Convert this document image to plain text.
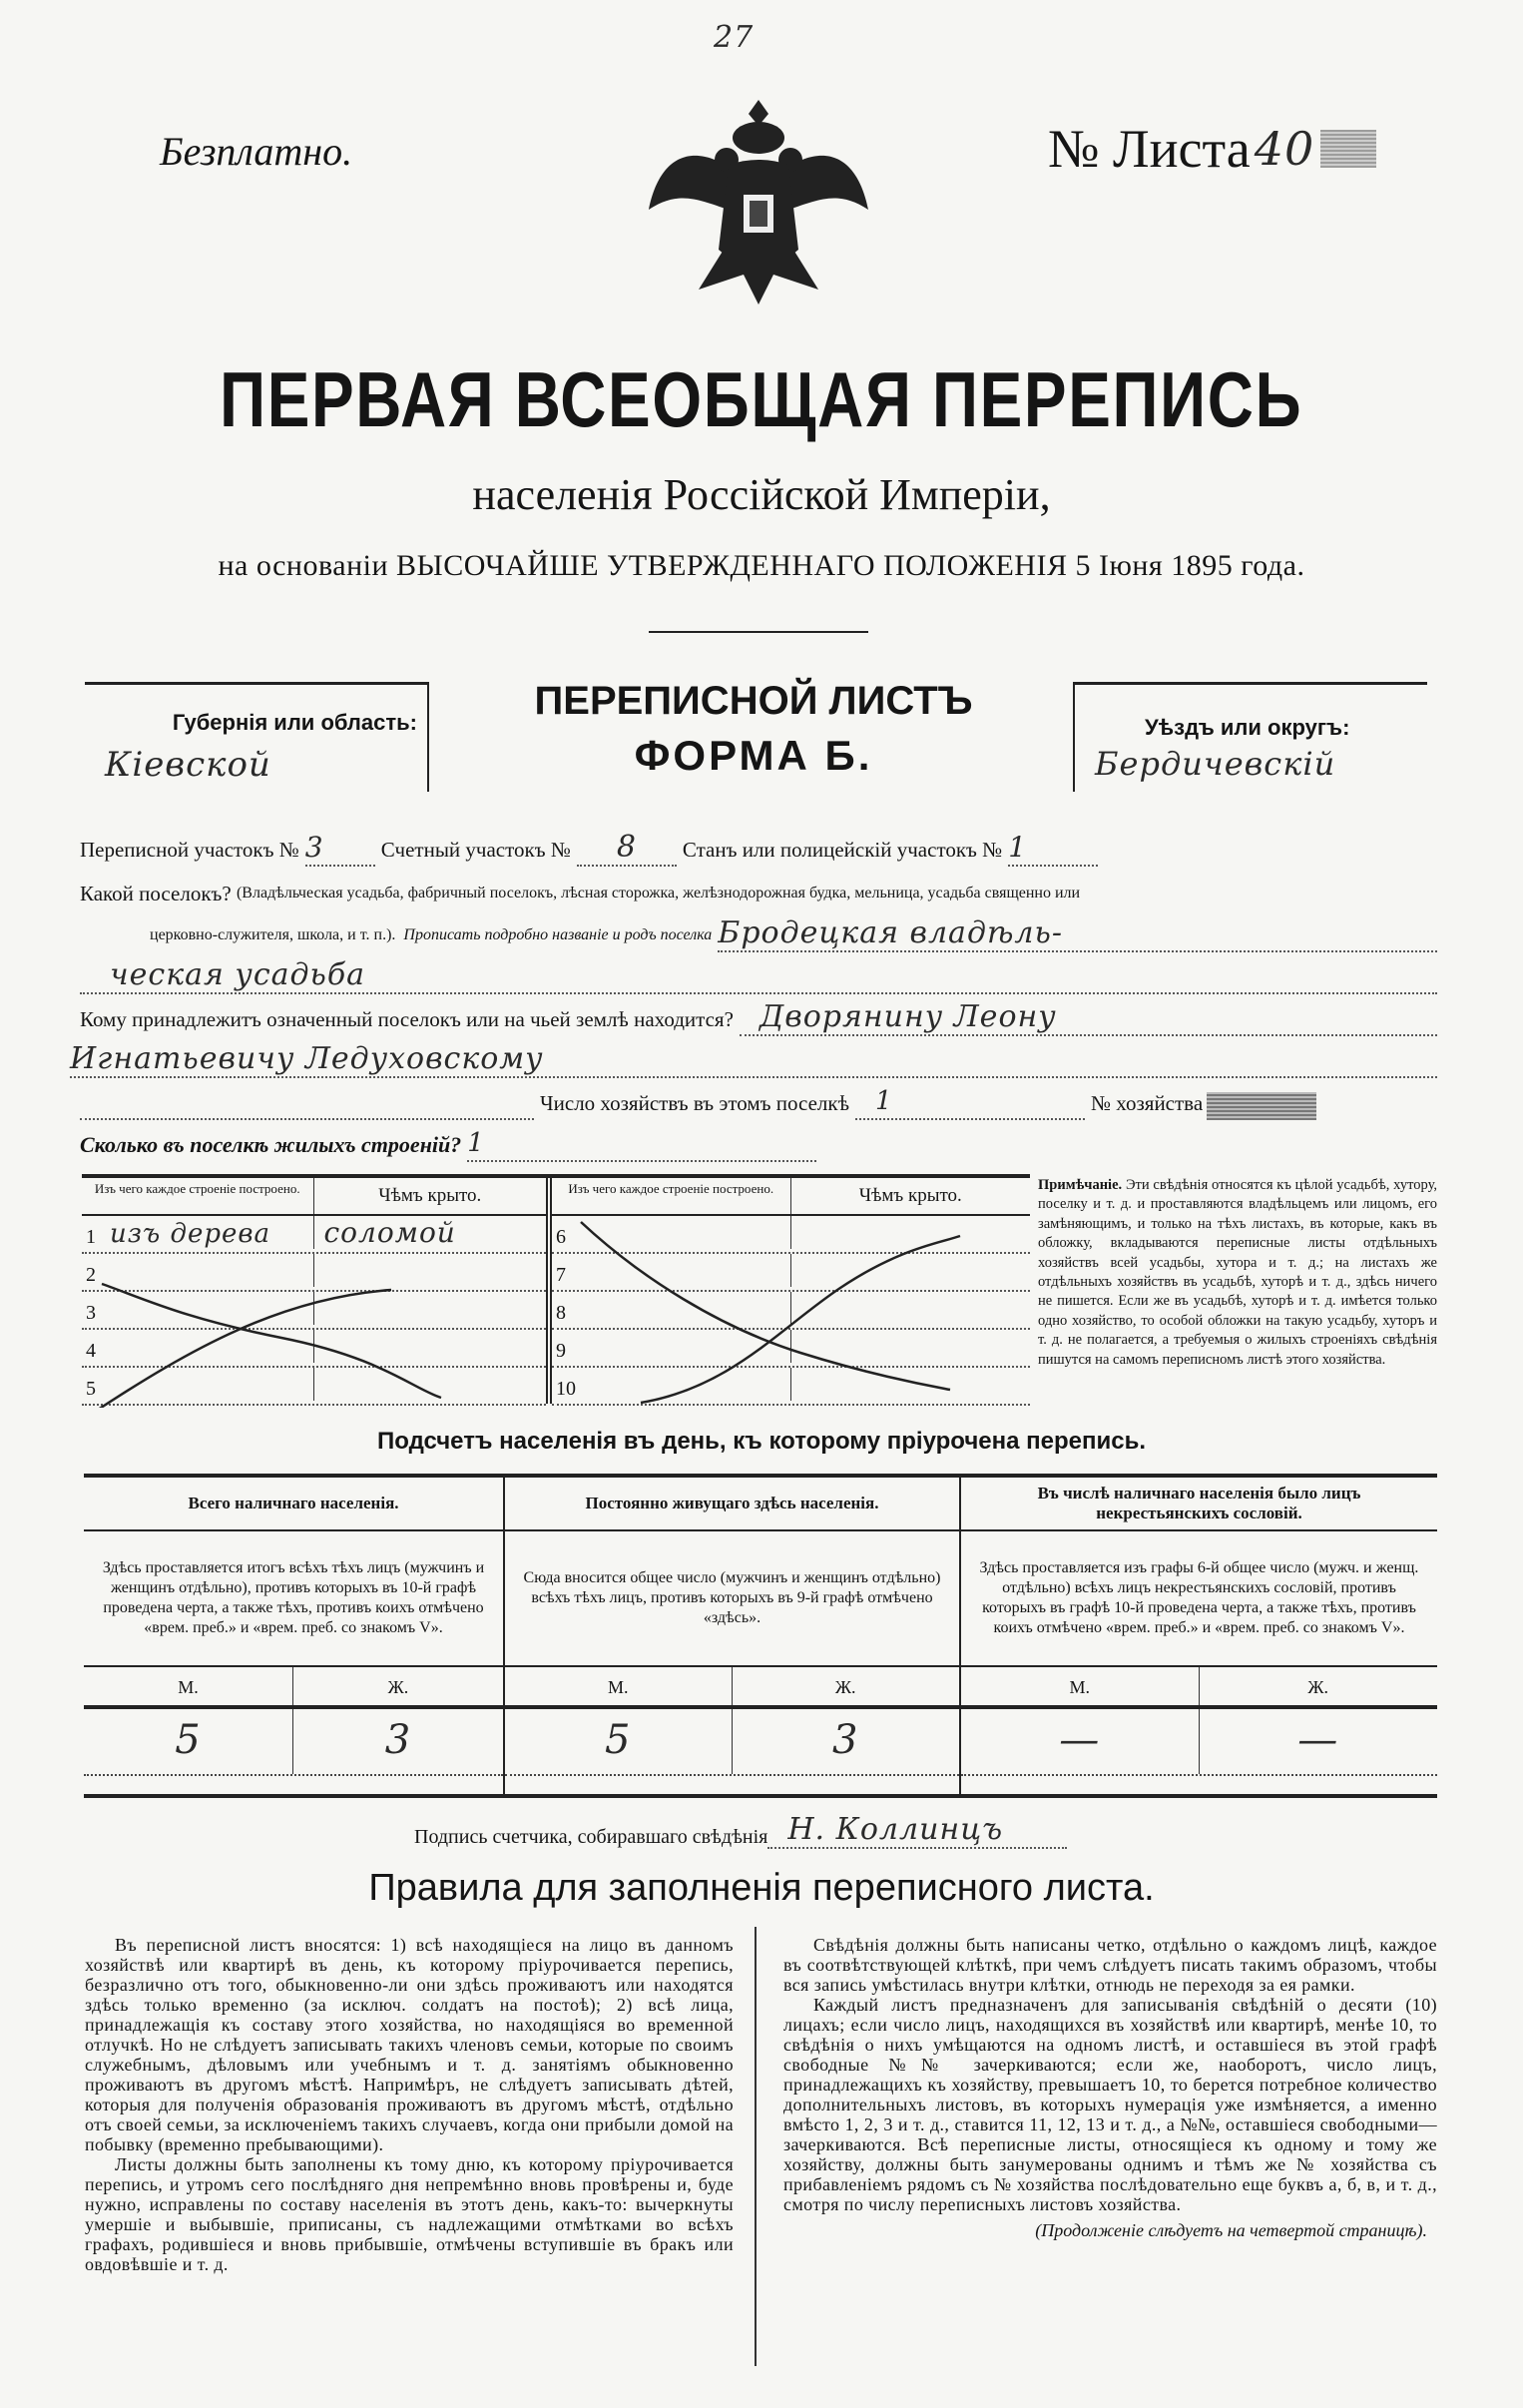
27
Безплатно.	№ Листа 40
ПЕРВАЯ ВСЕОБЩАЯ ПЕРЕПИСЬ
населенія Россійской Имперіи,
на основаніи ВЫСОЧАЙШЕ УТВЕРЖДЕННАГО ПОЛОЖЕНІЯ 5 Іюня 1895 года.
Губернія или область:
Кіевской
ПЕРЕПИСНОЙ ЛИСТЪ
ФОРМА Б.
Уѣздъ или округъ:
Бердичевскій
Переписной участокъ № 3	Счетный участокъ №	8	Станъ или полицейскій участокъ № 1
Какой поселокъ?
(Владѣльческая усадьба, фабричный поселокъ, лѣсная сторожка, желѣзнодорожная будка, мельница, усадьба священно или
церковно-служителя, школа, и т. п.).
Прописать подробно названіе и родъ поселка Бродецкая владѣль-
ческая усадьба
Кому принадлежитъ означенный поселокъ или на чьей землѣ находится? Дворянину Леону
Игнатьевичу Ледуховскому
Число хозяйствъ въ этомъ поселкѣ	1	№ хозяйства
Сколько въ поселкѣ жилыхъ строеній? 1
Изъ чего каждое строеніе построено.	Чѣмъ крыто.
1 изъ дерева	соломой
2
3
4
5
Изъ чего каждое строеніе построено.	Чѣмъ крыто.
6
7
8
9
10
Примѣчаніе. Эти свѣдѣнія относятся къ цѣлой усадьбѣ, хутору, поселку и т. д. и проставляются владѣльцемъ или лицомъ, его замѣняющимъ, и только на тѣхъ листахъ, въ которые, какъ въ обложку, вкладываются переписные листы отдѣльныхъ хозяйствъ всей усадьбы, хутора и т. д.; на листахъ же отдѣльныхъ хозяйствъ въ усадьбѣ, хуторѣ и т. д., здѣсь ничего не пишется. Если же въ усадьбѣ, хуторѣ и т. д. имѣется только одно хозяйство, то особой обложки на такую усадьбу, хуторъ и т. д. не полагается, а требуемыя о жилыхъ строеніяхъ свѣдѣнія пишутся на самомъ переписномъ листѣ этого хозяйства.
Подсчетъ населенія въ день, къ которому пріурочена перепись.
Всего наличнаго населенія.
Здѣсь проставляется итогъ всѣхъ тѣхъ лицъ (мужчинъ и женщинъ отдѣльно), противъ которыхъ въ 10-й графѣ проведена черта, а также тѣхъ, противъ коихъ отмѣчено «врем. преб.» и «врем. преб. со знакомъ V».
М.	Ж.
5	3
Постоянно живущаго здѣсь населенія.
Сюда вносится общее число (мужчинъ и женщинъ отдѣльно) всѣхъ тѣхъ лицъ, противъ которыхъ въ 9-й графѣ отмѣчено «здѣсь».
М.	Ж.
5	3
Въ числѣ наличнаго населенія было лицъ некрестьянскихъ сословій.
Здѣсь проставляется изъ графы 6-й общее число (мужч. и женщ. отдѣльно) всѣхъ лицъ некрестьянскихъ сословій, противъ которыхъ въ графѣ 10-й проведена черта, а также тѣхъ, противъ коихъ отмѣчено «врем. преб.» и «врем. преб. со знакомъ V».
М.	Ж.
—	—
Подпись счетчика, собиравшаго свѣдѣнія Н. Коллинцъ
Правила для заполненія переписного листа.

Въ переписной листъ вносятся: 1) всѣ находящіеся на лицо въ данномъ хозяйствѣ или квартирѣ въ день, къ которому пріурочивается перепись, безразлично отъ того, обыкновенно-ли они здѣсь проживаютъ или находятся здѣсь только временно (за исключ. солдатъ на постоѣ); 2) всѣ лица, принадлежащія къ составу этого хозяйства, но находящіяся во временной отлучкѣ. Но не слѣдуетъ записывать такихъ членовъ семьи, которые по своимъ служебнымъ, дѣловымъ или учебнымъ и т. д. занятіямъ обыкновенно проживаютъ въ другомъ мѣстѣ. Напримѣръ, не слѣдуетъ записывать дѣтей, которыя для полученія образованія проживаютъ въ другомъ мѣстѣ, отдѣльно отъ своей семьи, за исключеніемъ такихъ случаевъ, когда они прибыли домой на побывку (временно пребывающими).

Листы должны быть заполнены къ тому дню, къ которому пріурочивается перепись, и утромъ сего послѣдняго дня непремѣнно вновь провѣрены и, буде нужно, исправлены по составу населенія въ этотъ день, какъ-то: вычеркнуты умершіе и выбывшіе, приписаны, съ надлежащими отмѣтками во всѣхъ графахъ, родившіеся и вновь прибывшіе, отмѣчены вступившіе въ бракъ или овдовѣвшіе и т. д.

Свѣдѣнія должны быть написаны четко, отдѣльно о каждомъ лицѣ, каждое въ соотвѣтствующей клѣткѣ, при чемъ слѣдуетъ писать такимъ образомъ, чтобы вся запись умѣстилась внутри клѣтки, отнюдь не переходя за ея рамки.

Каждый листъ предназначенъ для записыванія свѣдѣній о десяти (10) лицахъ; если число лицъ, находящихся въ хозяйствѣ или квартирѣ, менѣе 10, то свѣдѣнія о нихъ умѣщаются на одномъ листѣ, и оставшіеся въ этой графѣ свободные №№ зачеркиваются; если же, наоборотъ, число лицъ, принадлежащихъ къ хозяйству, превышаетъ 10, то берется потребное количество дополнительныхъ листовъ, въ которыхъ нумерація уже измѣняется, а именно вмѣсто 1, 2, 3 и т. д., ставится 11, 12, 13 и т. д., а №№, оставшіеся свободными—зачеркиваются. Всѣ переписные листы, относящіеся къ одному и тому же хозяйству, должны быть занумерованы однимъ и тѣмъ же № хозяйства съ прибавленіемъ рядомъ съ № хозяйства послѣдовательно еще буквъ а, б, в, и т. д., смотря по числу переписныхъ листовъ хозяйства.

(Продолженіе слѣдуетъ на четвертой страницѣ).
